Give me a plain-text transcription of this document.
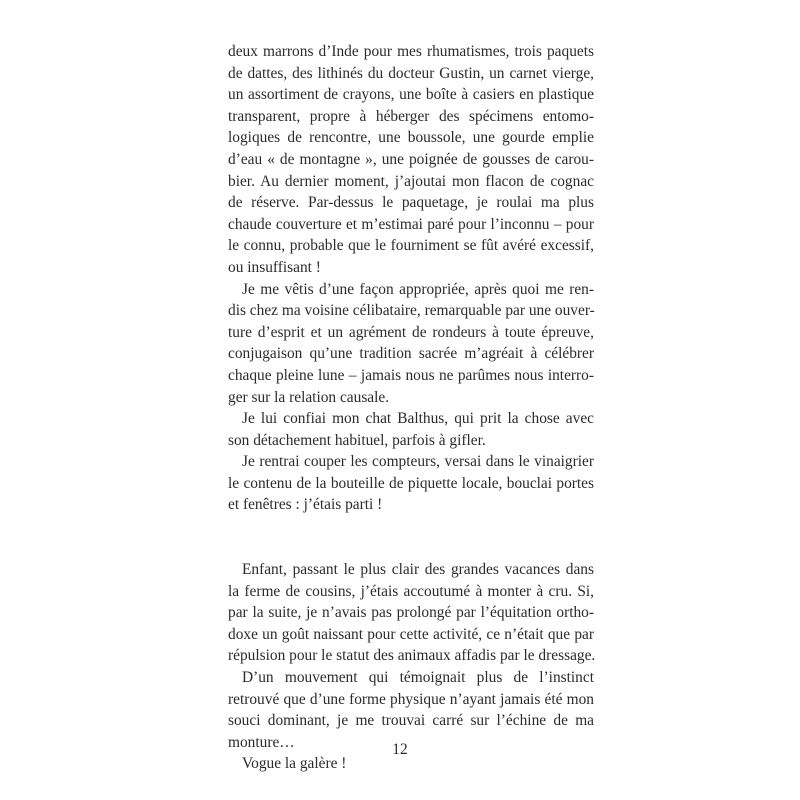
deux marrons d’Inde pour mes rhumatismes, trois paquets
de dattes, des lithinés du docteur Gustin, un carnet vierge,
un assortiment de crayons, une boîte à casiers en plastique
transparent, propre à héberger des spécimens entomo-
logiques de rencontre, une boussole, une gourde emplie
d’eau « de montagne », une poignée de gousses de carou-
bier. Au dernier moment, j’ajoutai mon flacon de cognac
de réserve. Par-dessus le paquetage, je roulai ma plus
chaude couverture et m’estimai paré pour l’inconnu – pour
le connu, probable que le fourniment se fût avéré excessif,
ou insuffisant !
Je me vêtis d’une façon appropriée, après quoi me ren-
dis chez ma voisine célibataire, remarquable par une ouver-
ture d’esprit et un agrément de rondeurs à toute épreuve,
conjugaison qu’une tradition sacrée m’agréait à célébrer
chaque pleine lune – jamais nous ne parûmes nous interro-
ger sur la relation causale.
Je lui confiai mon chat Balthus, qui prit la chose avec
son détachement habituel, parfois à gifler.
Je rentrai couper les compteurs, versai dans le vinaigrier
le contenu de la bouteille de piquette locale, bouclai portes
et fenêtres : j’étais parti !
Enfant, passant le plus clair des grandes vacances dans
la ferme de cousins, j’étais accoutumé à monter à cru. Si,
par la suite, je n’avais pas prolongé par l’équitation ortho-
doxe un goût naissant pour cette activité, ce n’était que par
répulsion pour le statut des animaux affadis par le dressage.
D’un mouvement qui témoignait plus de l’instinct
retrouvé que d’une forme physique n’ayant jamais été mon
souci dominant, je me trouvai carré sur l’échine de ma
monture…
Vogue la galère !
12
